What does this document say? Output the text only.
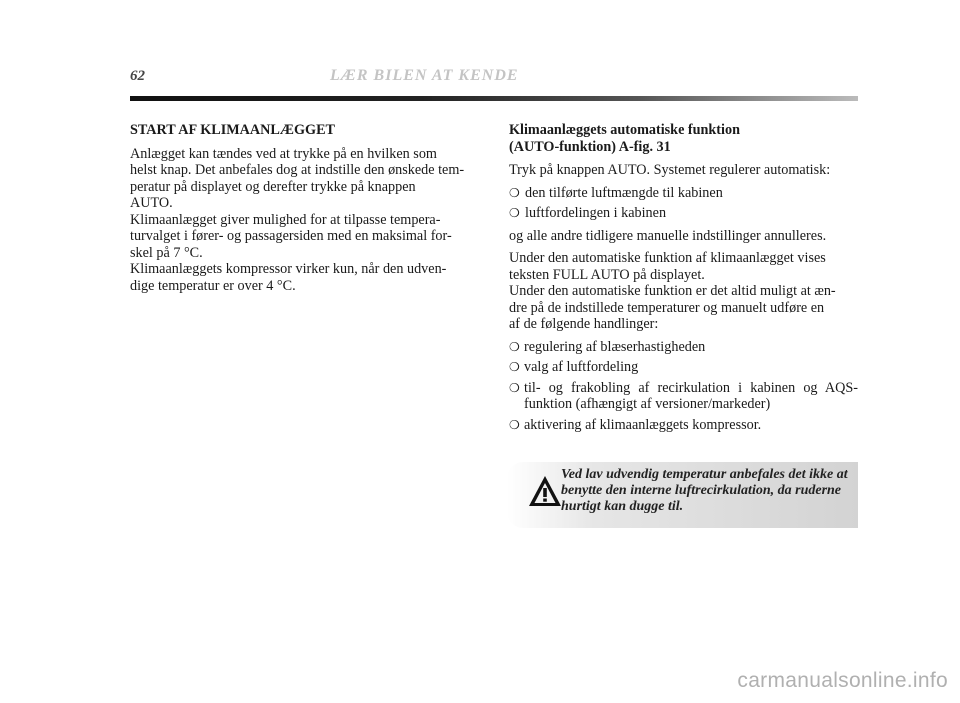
62	LÆR BILEN AT KENDE
START AF KLIMAANLÆGGET

Anlægget kan tændes ved at trykke på en hvilken som
helst knap. Det anbefales dog at indstille den ønskede tem-
peratur på displayet og derefter trykke på knappen
AUTO.
Klimaanlægget giver mulighed for at tilpasse tempera-
turvalget i fører- og passagersiden med en maksimal for-
skel på 7 °C.
Klimaanlæggets kompressor virker kun, når den udven-
dige temperatur er over 4 °C.

Klimaanlæggets automatiske funktion
(AUTO-funktion) A-fig. 31

Tryk på knappen AUTO. Systemet regulerer automatisk:

❍ den tilførte luftmængde til kabinen
❍ luftfordelingen i kabinen

og alle andre tidligere manuelle indstillinger annulleres.

Under den automatiske funktion af klimaanlægget vises
teksten FULL AUTO på displayet.
Under den automatiske funktion er det altid muligt at æn-
dre på de indstillede temperaturer og manuelt udføre en
af de følgende handlinger:

❍ regulering af blæserhastigheden
❍ valg af luftfordeling
❍ til- og frakobling af recirkulation i kabinen og AQS-funktion (afhængigt af versioner/markeder)
❍ aktivering af klimaanlæggets kompressor.
Ved lav udvendig temperatur anbefales det ikke at benytte den interne luftrecirkulation, da ruderne hurtigt kan dugge til.
carmanualsonline.info
